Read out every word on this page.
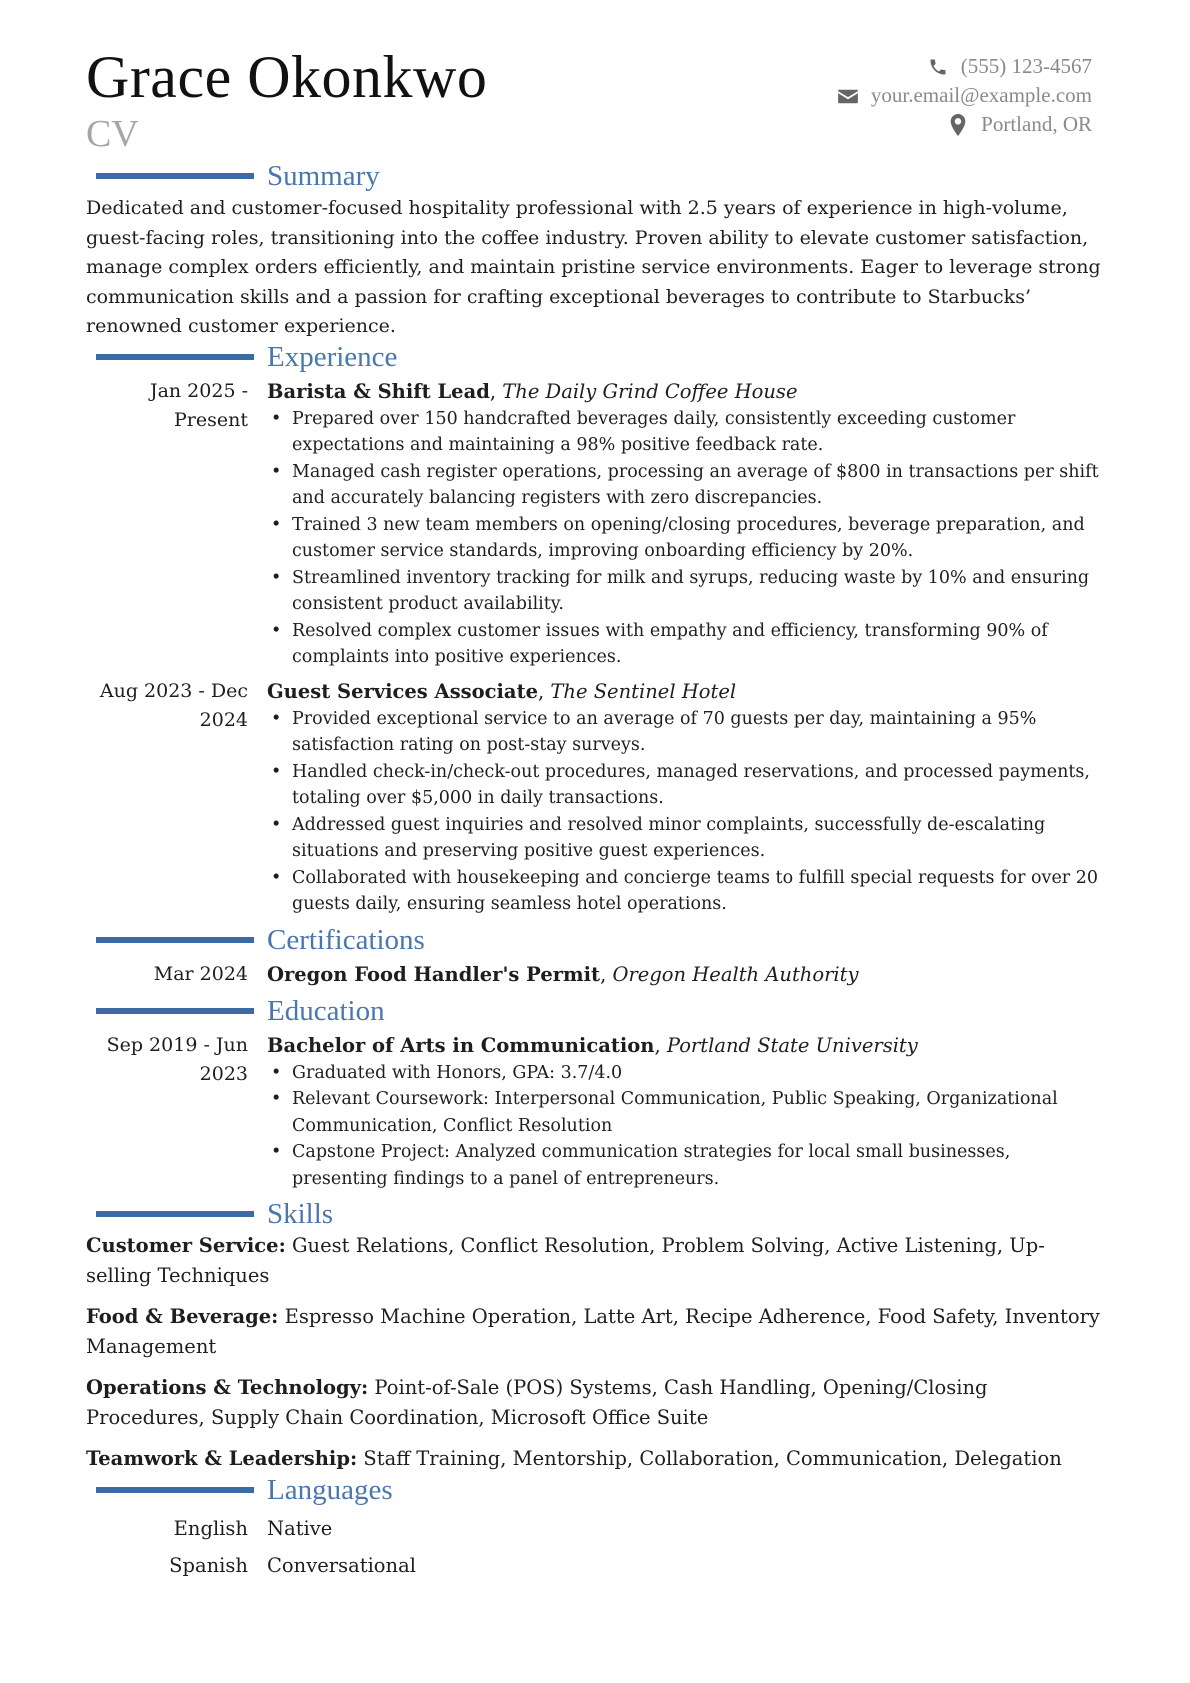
Grace Okonkwo
CV
(555) 123-4567
your.email@example.com
Portland, OR
Summary

Dedicated and customer-focused hospitality professional with 2.5 years of experience in high-volume, guest-facing roles, transitioning into the coffee industry. Proven ability to elevate customer satisfaction, manage complex orders efficiently, and maintain pristine service environments. Eager to leverage strong communication skills and a passion for crafting exceptional beverages to contribute to Starbucks’ renowned customer experience.

Experience
Jan 2025 - Present
Barista & Shift Lead, The Daily Grind Coffee House
• Prepared over 150 handcrafted beverages daily, consistently exceeding customer expectations and maintaining a 98% positive feedback rate.
• Managed cash register operations, processing an average of $800 in transactions per shift and accurately balancing registers with zero discrepancies.
• Trained 3 new team members on opening/closing procedures, beverage preparation, and customer service standards, improving onboarding efficiency by 20%.
• Streamlined inventory tracking for milk and syrups, reducing waste by 10% and ensuring consistent product availability.
• Resolved complex customer issues with empathy and efficiency, transforming 90% of complaints into positive experiences.
Aug 2023 - Dec 2024
Guest Services Associate, The Sentinel Hotel
• Provided exceptional service to an average of 70 guests per day, maintaining a 95% satisfaction rating on post-stay surveys.
• Handled check-in/check-out procedures, managed reservations, and processed payments, totaling over $5,000 in daily transactions.
• Addressed guest inquiries and resolved minor complaints, successfully de-escalating situations and preserving positive guest experiences.
• Collaborated with housekeeping and concierge teams to fulfill special requests for over 20 guests daily, ensuring seamless hotel operations.
Certifications
Mar 2024 Oregon Food Handler's Permit, Oregon Health Authority
Education
Sep 2019 - Jun 2023
Bachelor of Arts in Communication, Portland State University
• Graduated with Honors, GPA: 3.7/4.0
• Relevant Coursework: Interpersonal Communication, Public Speaking, Organizational Communication, Conflict Resolution
• Capstone Project: Analyzed communication strategies for local small businesses, presenting findings to a panel of entrepreneurs.
Skills

Customer Service: Guest Relations, Conflict Resolution, Problem Solving, Active Listening, Up-selling Techniques

Food & Beverage: Espresso Machine Operation, Latte Art, Recipe Adherence, Food Safety, Inventory Management

Operations & Technology: Point-of-Sale (POS) Systems, Cash Handling, Opening/Closing Procedures, Supply Chain Coordination, Microsoft Office Suite

Teamwork & Leadership: Staff Training, Mentorship, Collaboration, Communication, Delegation

Languages
English Native
Spanish Conversational
